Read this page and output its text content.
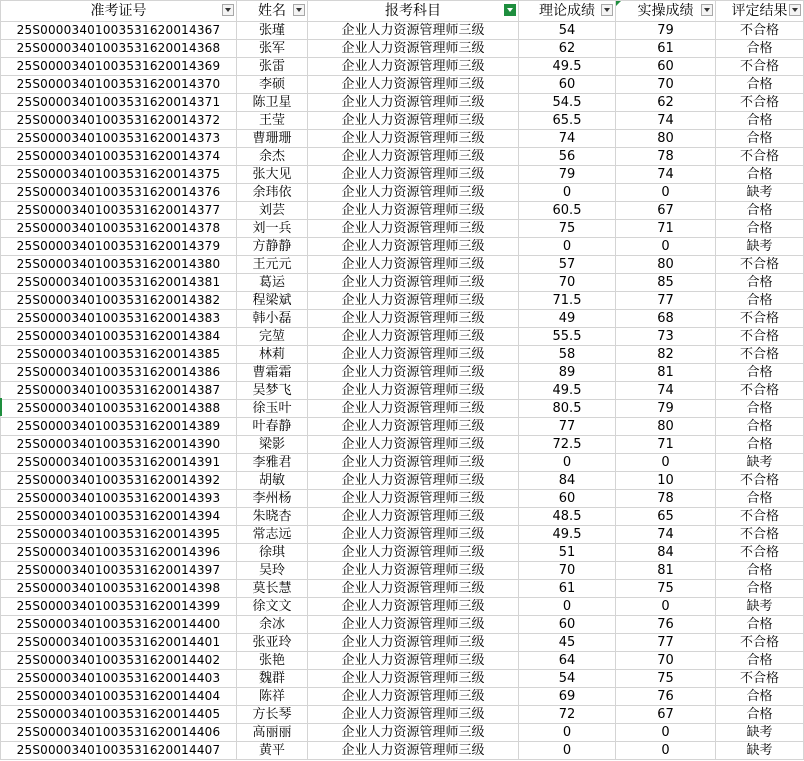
准考证号	姓名	报考科目	理论成绩	实操成绩	评定结果

25S000034010035316200143​67	张瑾	企业人力资源管理师三级	54	79	不合格
25S00003401003531620014368	张军	企业人力资源管理师三级	62	61	合格
25S00003401003531620014369	张雷	企业人力资源管理师三级	49.5	60	不合格
25S00003401003531620014370	李硕	企业人力资源管理师三级	60	70	合格
25S00003401003531620014371	陈卫星	企业人力资源管理师三级	54.5	62	不合格
25S00003401003531620014372	王莹	企业人力资源管理师三级	65.5	74	合格
25S00003401003531620014373	曹珊珊	企业人力资源管理师三级	74	80	合格
25S00003401003531620014374	余杰	企业人力资源管理师三级	56	78	不合格
25S00003401003531620014375	张大见	企业人力资源管理师三级	79	74	合格
25S00003401003531620014376	余玮依	企业人力资源管理师三级	0	0	缺考
25S00003401003531620014377	刘芸	企业人力资源管理师三级	60.5	67	合格
25S00003401003531620014378	刘一兵	企业人力资源管理师三级	75	71	合格
25S00003401003531620014379	方静静	企业人力资源管理师三级	0	0	缺考
25S00003401003531620014380	王元元	企业人力资源管理师三级	57	80	不合格
25S00003401003531620014381	葛运	企业人力资源管理师三级	70	85	合格
25S00003401003531620014382	程梁斌	企业人力资源管理师三级	71.5	77	合格
25S00003401003531620014383	韩小磊	企业人力资源管理师三级	49	68	不合格
25S00003401003531620014384	完堃	企业人力资源管理师三级	55.5	73	不合格
25S00003401003531620014385	林莉	企业人力资源管理师三级	58	82	不合格
25S00003401003531620014386	曹霜霜	企业人力资源管理师三级	89	81	合格
25S00003401003531620014387	吴梦飞	企业人力资源管理师三级	49.5	74	不合格
25S00003401003531620014388	徐玉叶	企业人力资源管理师三级	80.5	79	合格
25S00003401003531620014389	叶春静	企业人力资源管理师三级	77	80	合格
25S00003401003531620014390	梁影	企业人力资源管理师三级	72.5	71	合格
25S00003401003531620014391	李雅君	企业人力资源管理师三级	0	0	缺考
25S00003401003531620014392	胡敏	企业人力资源管理师三级	84	10	不合格
25S00003401003531620014393	李州杨	企业人力资源管理师三级	60	78	合格
25S00003401003531620014394	朱晓杏	企业人力资源管理师三级	48.5	65	不合格
25S00003401003531620014395	常志远	企业人力资源管理师三级	49.5	74	不合格
25S00003401003531620014396	徐琪	企业人力资源管理师三级	51	84	不合格
25S00003401003531620014397	吴玲	企业人力资源管理师三级	70	81	合格
25S00003401003531620014398	莫长慧	企业人力资源管理师三级	61	75	合格
25S00003401003531620014399	徐文文	企业人力资源管理师三级	0	0	缺考
25S00003401003531620014400	余冰	企业人力资源管理师三级	60	76	合格
25S00003401003531620014401	张亚玲	企业人力资源管理师三级	45	77	不合格
25S00003401003531620014402	张艳	企业人力资源管理师三级	64	70	合格
25S00003401003531620014403	魏群	企业人力资源管理师三级	54	75	不合格
25S00003401003531620014404	陈祥	企业人力资源管理师三级	69	76	合格
25S00003401003531620014405	方长琴	企业人力资源管理师三级	72	67	合格
25S00003401003531620014406	高丽丽	企业人力资源管理师三级	0	0	缺考
25S00003401003531620014407	黄平	企业人力资源管理师三级	0	0	缺考
